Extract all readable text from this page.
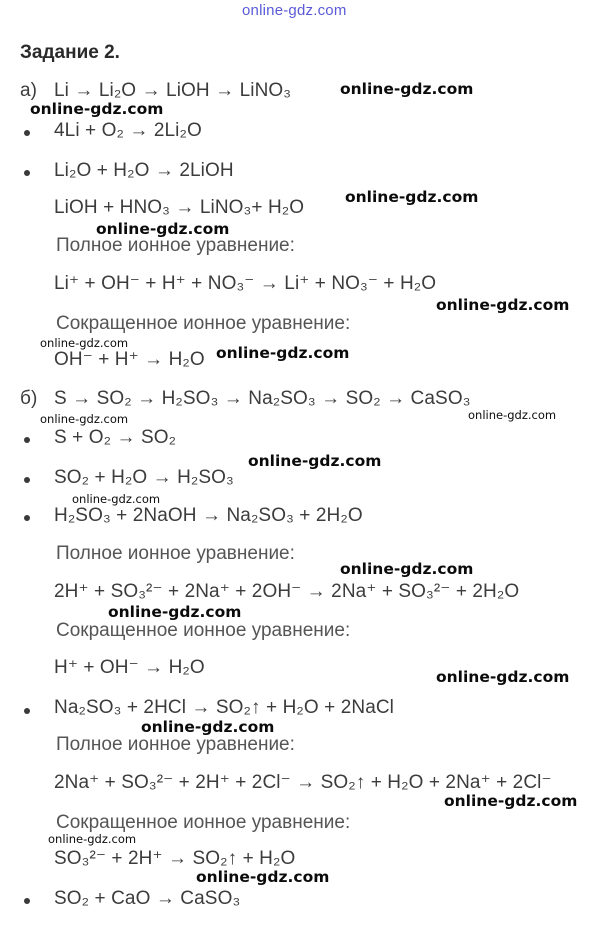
online-gdz.com
Задание 2.
а) Li → Li₂O → LiOH → LiNO₃
4Li + O₂ → 2Li₂O
Li₂O + H₂O → 2LiOH
LiOH + HNO₃ → LiNO₃+ H₂O
Полное ионное уравнение:
Li⁺ + OH⁻ + H⁺ + NO₃⁻ → Li⁺ + NO₃⁻ + H₂O
Сокращенное ионное уравнение:
OH⁻ + H⁺ → H₂O
б) S → SO₂ → H₂SO₃ → Na₂SO₃ → SO₂ → CaSO₃
S + O₂ → SO₂
SO₂ + H₂O → H₂SO₃
H₂SO₃ + 2NaOH → Na₂SO₃ + 2H₂O
Полное ионное уравнение:
2H⁺ + SO₃²⁻ + 2Na⁺ + 2OH⁻ → 2Na⁺ + SO₃²⁻ + 2H₂O
Сокращенное ионное уравнение:
H⁺ + OH⁻ → H₂O
Na₂SO₃ + 2HCl → SO₂↑ + H₂O + 2NaCl
Полное ионное уравнение:
2Na⁺ + SO₃²⁻ + 2H⁺ + 2Cl⁻ → SO₂↑ + H₂O + 2Na⁺ + 2Cl⁻
Сокращенное ионное уравнение:
SO₃²⁻ + 2H⁺ → SO₂↑ + H₂O
SO₂ + CaO → CaSO₃
online-gdz.com
online-gdz.com
online-gdz.com
online-gdz.com
online-gdz.com
online-gdz.com
online-gdz.com
online-gdz.com	online-gdz.com
online-gdz.com
online-gdz.com
online-gdz.com
online-gdz.com
online-gdz.com
online-gdz.com
online-gdz.com
online-gdz.com
online-gdz.com
